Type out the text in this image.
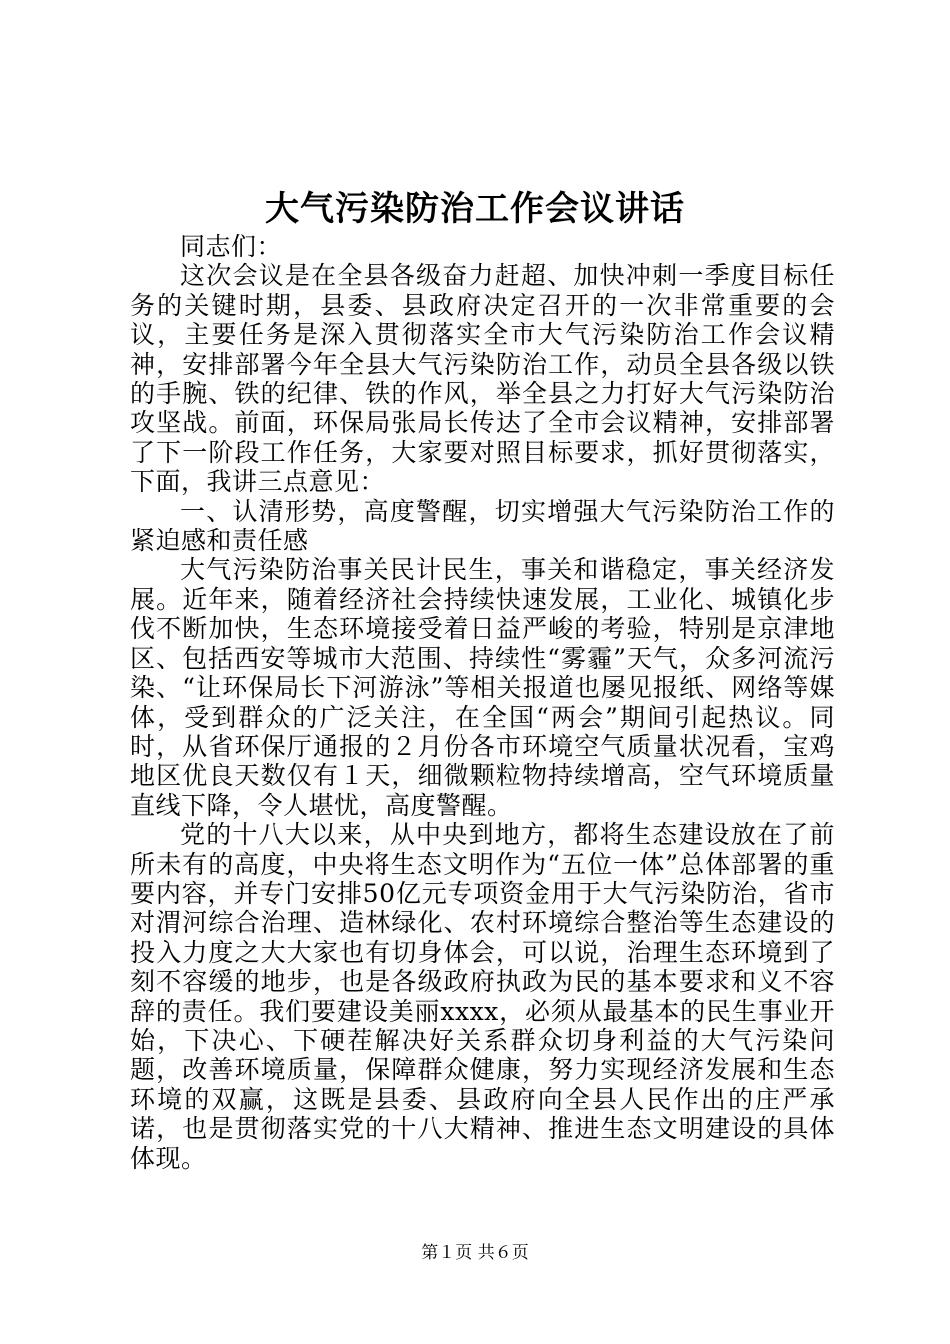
大气污染防治工作会议讲话

同志们：

这次会议是在全县各级奋力赶超、加快冲刺一季度目标任务的关键时期，县委、县政府决定召开的一次非常重要的会议，主要任务是深入贯彻落实全市大气污染防治工作会议精神，安排部署今年全县大气污染防治工作，动员全县各级以铁的手腕、铁的纪律、铁的作风，举全县之力打好大气污染防治攻坚战。前面，环保局张局长传达了全市会议精神，安排部署了下一阶段工作任务，大家要对照目标要求，抓好贯彻落实，下面，我讲三点意见：

一、认清形势，高度警醒，切实增强大气污染防治工作的紧迫感和责任感

大气污染防治事关民计民生，事关和谐稳定，事关经济发展。近年来，随着经济社会持续快速发展，工业化、城镇化步伐不断加快，生态环境接受着日益严峻的考验，特别是京津地区、包括西安等城市大范围、持续性“雾霾”天气，众多河流污染、“让环保局长下河游泳”等相关报道也屡见报纸、网络等媒体，受到群众的广泛关注，在全国“两会”期间引起热议。同时，从省环保厅通报的２月份各市环境空气质量状况看，宝鸡地区优良天数仅有１天，细微颗粒物持续增高，空气环境质量直线下降，令人堪忧，高度警醒。

党的十八大以来，从中央到地方，都将生态建设放在了前所未有的高度，中央将生态文明作为“五位一体”总体部署的重要内容，并专门安排50亿元专项资金用于大气污染防治，省市对渭河综合治理、造林绿化、农村环境综合整治等生态建设的投入力度之大大家也有切身体会，可以说，治理生态环境到了刻不容缓的地步，也是各级政府执政为民的基本要求和义不容辞的责任。我们要建设美丽xxxx，必须从最基本的民生事业开始，下决心、下硬茬解决好关系群众切身利益的大气污染问题，改善环境质量，保障群众健康，努力实现经济发展和生态环境的双赢，这既是县委、县政府向全县人民作出的庄严承诺，也是贯彻落实党的十八大精神、推进生态文明建设的具体体现。

第１页 共６页
